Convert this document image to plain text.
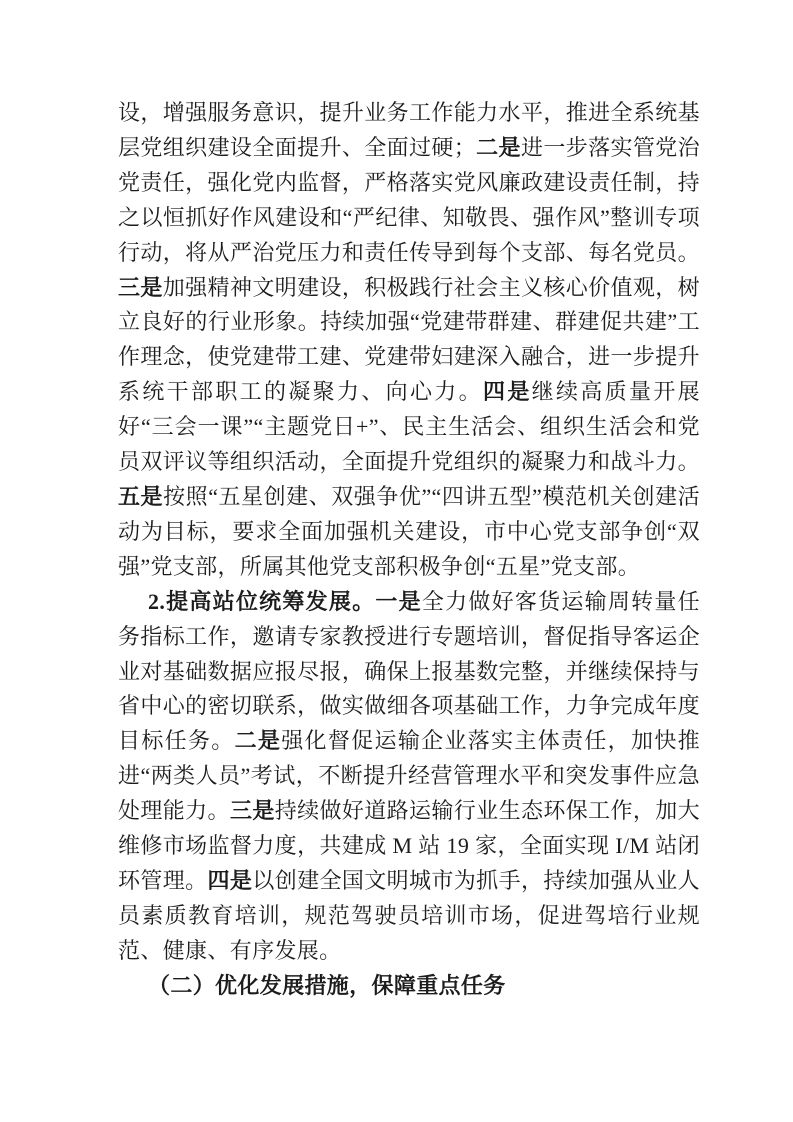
设，增强服务意识，提升业务工作能力水平，推进全系统基层党组织建设全面提升、全面过硬；二是进一步落实管党治党责任，强化党内监督，严格落实党风廉政建设责任制，持之以恒抓好作风建设和“严纪律、知敬畏、强作风”整训专项行动，将从严治党压力和责任传导到每个支部、每名党员。三是加强精神文明建设，积极践行社会主义核心价值观，树立良好的行业形象。持续加强“党建带群建、群建促共建”工作理念，使党建带工建、党建带妇建深入融合，进一步提升系统干部职工的凝聚力、向心力。四是继续高质量开展好“三会一课”“主题党日+”、民主生活会、组织生活会和党员双评议等组织活动，全面提升党组织的凝聚力和战斗力。五是按照“五星创建、双强争优”“四讲五型”模范机关创建活动为目标，要求全面加强机关建设，市中心党支部争创“双强”党支部，所属其他党支部积极争创“五星”党支部。

2.提高站位统筹发展。一是全力做好客货运输周转量任务指标工作，邀请专家教授进行专题培训，督促指导客运企业对基础数据应报尽报，确保上报基数完整，并继续保持与省中心的密切联系，做实做细各项基础工作，力争完成年度目标任务。二是强化督促运输企业落实主体责任，加快推进“两类人员”考试，不断提升经营管理水平和突发事件应急处理能力。三是持续做好道路运输行业生态环保工作，加大维修市场监督力度，共建成 M 站 19 家，全面实现 I/M 站闭环管理。四是以创建全国文明城市为抓手，持续加强从业人员素质教育培训，规范驾驶员培训市场，促进驾培行业规范、健康、有序发展。

（二）优化发展措施，保障重点任务
